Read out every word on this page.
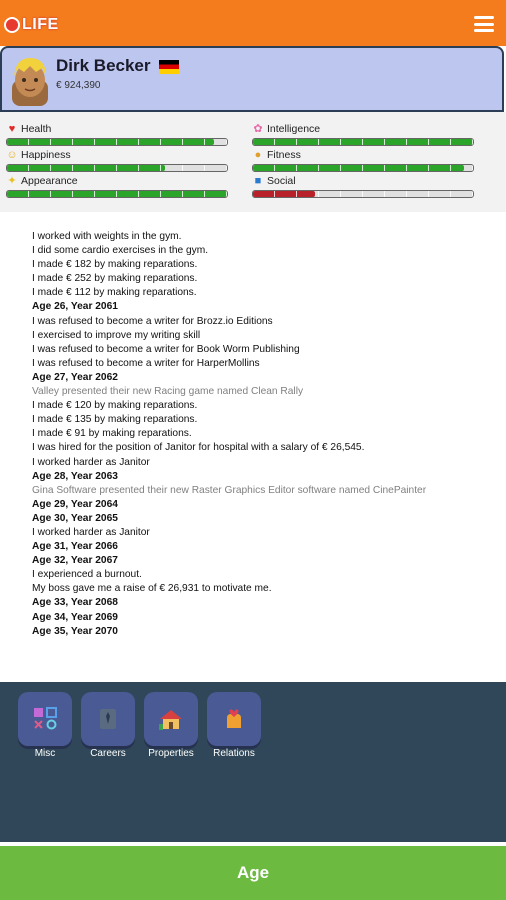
LIFE
Dirk Becker
€ 924,390
♥ Health	✿ Intelligence
☺ Happiness	● Fitness
✦ Appearance	■ Social
I worked with weights in the gym.
I did some cardio exercises in the gym.
I made € 182 by making reparations.
I made € 252 by making reparations.
I made € 112 by making reparations.
Age 26, Year 2061
I was refused to become a writer for Brozz.io Editions
I exercised to improve my writing skill
I was refused to become a writer for Book Worm Publishing
I was refused to become a writer for HarperMollins
Age 27, Year 2062
Valley presented their new Racing game named Clean Rally
I made € 120 by making reparations.
I made € 135 by making reparations.
I made € 91 by making reparations.
I was hired for the position of Janitor for hospital with a salary of € 26,545.
I worked harder as Janitor
Age 28, Year 2063
Gina Software presented their new Raster Graphics Editor software named CinePainter
Age 29, Year 2064
Age 30, Year 2065
I worked harder as Janitor
Age 31, Year 2066
Age 32, Year 2067
I experienced a burnout.
My boss gave me a raise of € 26,931 to motivate me.
Age 33, Year 2068
Age 34, Year 2069
Age 35, Year 2070
Misc	Careers	Properties	Relations
Age
